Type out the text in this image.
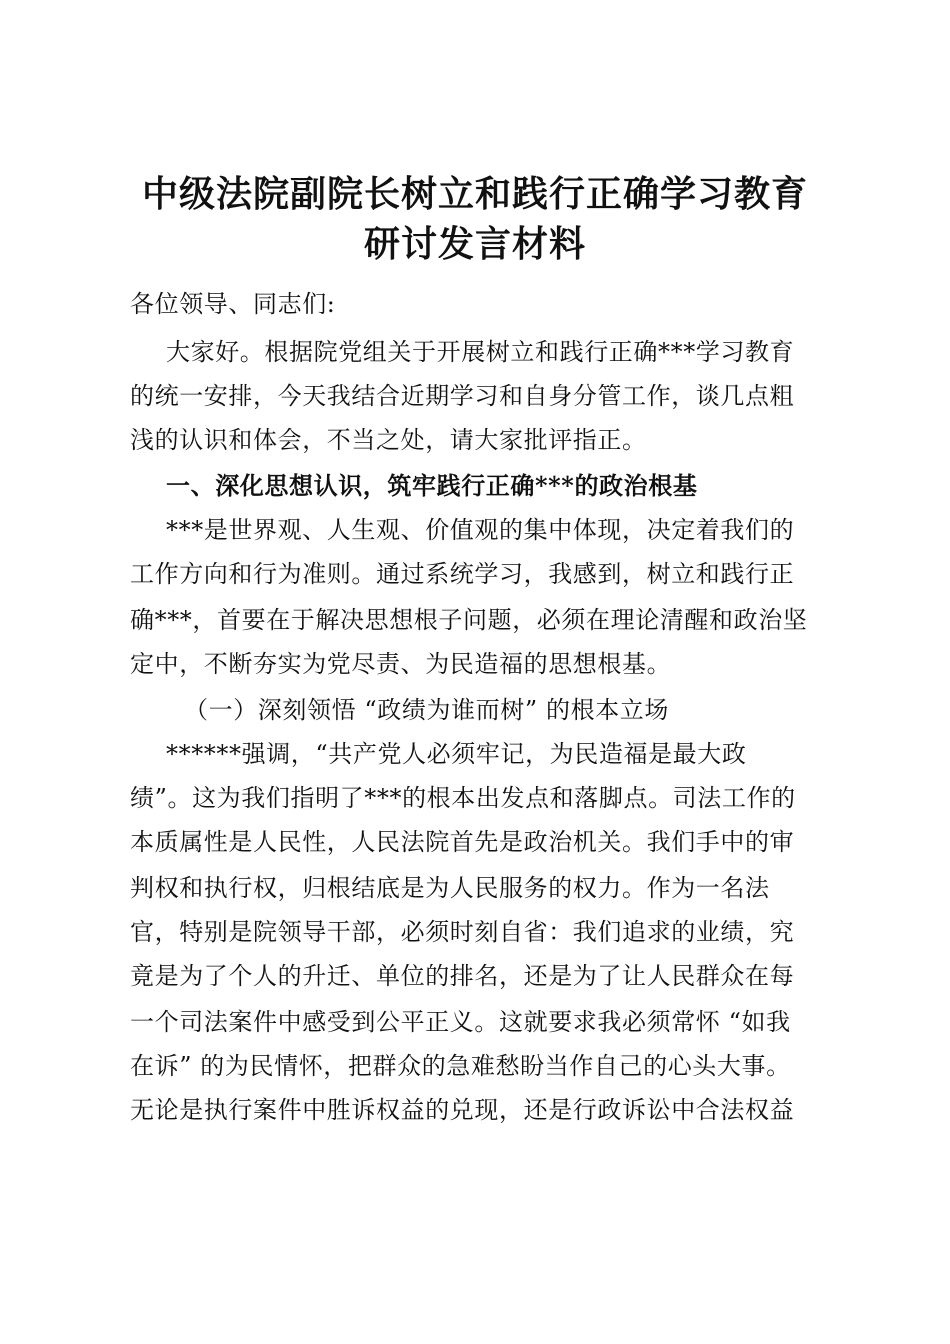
中级法院副院长树立和践行正确学习教育
研讨发言材料

各位领导、同志们:

大家好。根据院党组关于开展树立和践行正确***学习教育

的统一安排，今天我结合近期学习和自身分管工作，谈几点粗

浅的认识和体会，不当之处，请大家批评指正。

一、深化思想认识，筑牢践行正确***的政治根基

***是世界观、人生观、价值观的集中体现，决定着我们的

工作方向和行为准则。通过系统学习，我感到，树立和践行正

确***，首要在于解决思想根子问题，必须在理论清醒和政治坚

定中，不断夯实为党尽责、为民造福的思想根基。

（一）深刻领悟 “政绩为谁而树” 的根本立场

******强调，“共产党人必须牢记，为民造福是最大政

绩”。这为我们指明了***的根本出发点和落脚点。司法工作的

本质属性是人民性，人民法院首先是政治机关。我们手中的审

判权和执行权，归根结底是为人民服务的权力。作为一名法

官，特别是院领导干部，必须时刻自省：我们追求的业绩，究

竟是为了个人的升迁、单位的排名，还是为了让人民群众在每

一个司法案件中感受到公平正义。这就要求我必须常怀 “如我

在诉” 的为民情怀，把群众的急难愁盼当作自己的心头大事。

无论是执行案件中胜诉权益的兑现，还是行政诉讼中合法权益
